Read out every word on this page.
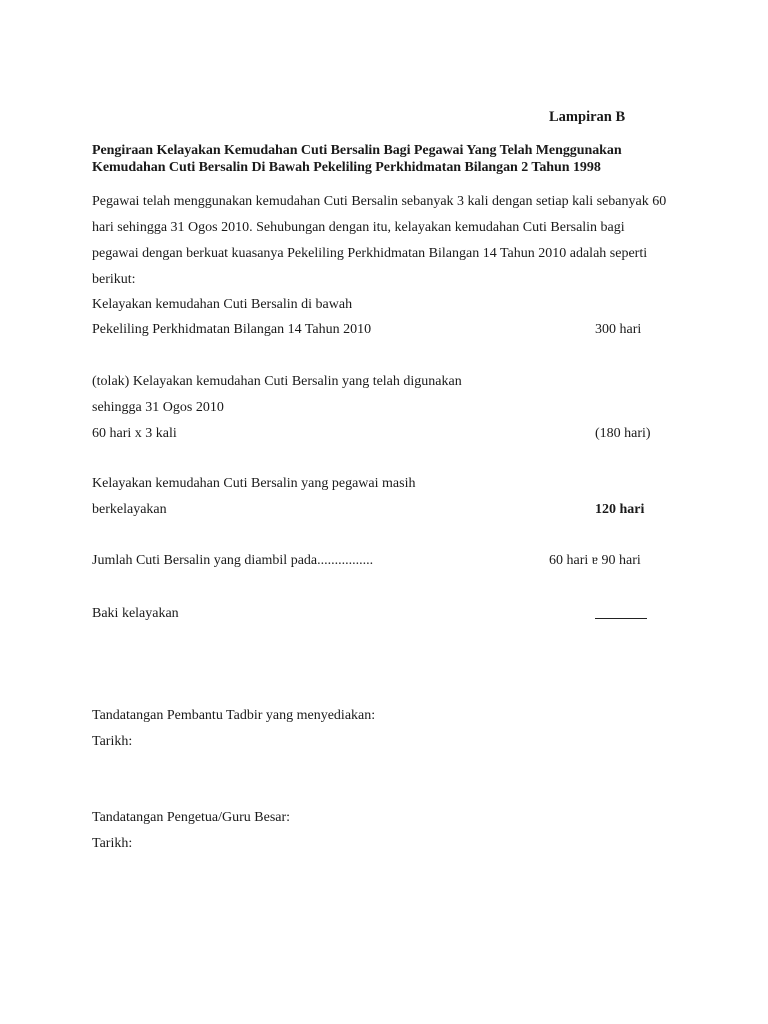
Lampiran B
Pengiraan Kelayakan Kemudahan Cuti Bersalin Bagi Pegawai Yang Telah Menggunakan
Kemudahan Cuti Bersalin Di Bawah Pekeliling Perkhidmatan Bilangan 2 Tahun 1998
Pegawai telah menggunakan kemudahan Cuti Bersalin sebanyak 3 kali dengan setiap kali sebanyak 60
hari sehingga 31 Ogos 2010. Sehubungan dengan itu, kelayakan kemudahan Cuti Bersalin bagi
pegawai dengan berkuat kuasanya Pekeliling Perkhidmatan Bilangan 14 Tahun 2010 adalah seperti
berikut:
Kelayakan kemudahan Cuti Bersalin di bawah
Pekeliling Perkhidmatan Bilangan 14 Tahun 2010	300 hari
(tolak) Kelayakan kemudahan Cuti Bersalin yang telah digunakan
sehingga 31 Ogos 2010
60 hari x 3 kali	(180 hari)
Kelayakan kemudahan Cuti Bersalin yang pegawai masih
berkelayakan	120 hari
Jumlah Cuti Bersalin yang diambil pada................	60 hari ɐ 90 hari
Baki kelayakan
Tandatangan Pembantu Tadbir yang menyediakan:
Tarikh:
Tandatangan Pengetua/Guru Besar:
Tarikh:
